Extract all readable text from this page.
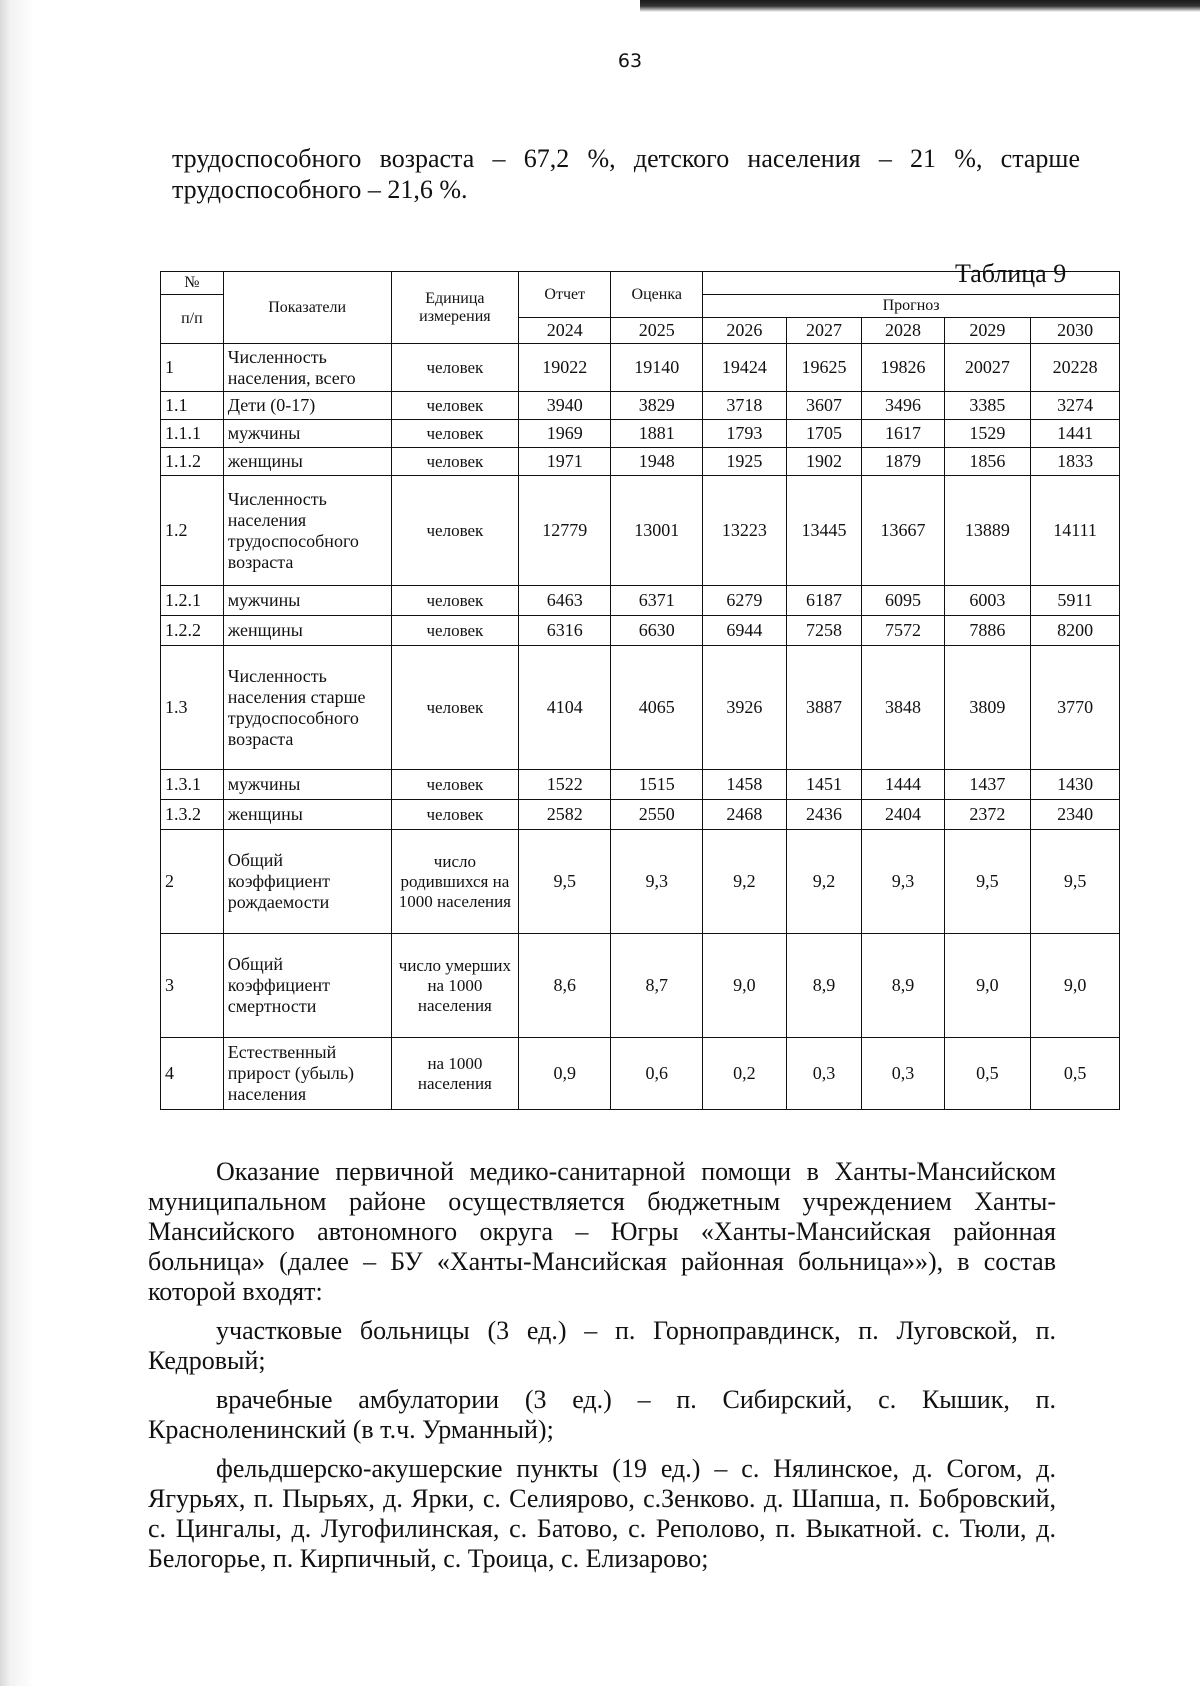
63
трудоспособного возраста – 67,2 %, детского населения – 21 %, старше трудоспособного – 21,6 %.
Таблица 9
№	Показатели	Единица измерения	Отчет	Оценка					
п/п					Прогноз				
			2024	2025	2026	2027	2028	2029	2030
1	Численность населения, всего	человек	19022	19140	19424	19625	19826	20027	20228
1.1	Дети (0-17)	человек	3940	3829	3718	3607	3496	3385	3274
1.1.1	мужчины	человек	1969	1881	1793	1705	1617	1529	1441
1.1.2	женщины	человек	1971	1948	1925	1902	1879	1856	1833
1.2	Численность населения трудоспособного возраста	человек	12779	13001	13223	13445	13667	13889	14111
1.2.1	мужчины	человек	6463	6371	6279	6187	6095	6003	5911
1.2.2	женщины	человек	6316	6630	6944	7258	7572	7886	8200
1.3	Численность населения старше трудоспособного возраста	человек	4104	4065	3926	3887	3848	3809	3770
1.3.1	мужчины	человек	1522	1515	1458	1451	1444	1437	1430
1.3.2	женщины	человек	2582	2550	2468	2436	2404	2372	2340
2	Общий коэффициент рождаемости	число родившихся на 1000 населения	9,5	9,3	9,2	9,2	9,3	9,5	9,5
3	Общий коэффициент смертности	число умерших на 1000 населения	8,6	8,7	9,0	8,9	8,9	9,0	9,0
4	Естественный прирост (убыль) населения	на 1000 населения	0,9	0,6	0,2	0,3	0,3	0,5	0,5

Оказание первичной медико-санитарной помощи в Ханты-Мансийском муниципальном районе осуществляется бюджетным учреждением Ханты-Мансийского автономного округа – Югры «Ханты-Мансийская районная больница» (далее – БУ «Ханты-Мансийская районная больница»»), в состав которой входят:

участковые больницы (3 ед.) – п. Горноправдинск, п. Луговской, п. Кедровый;

врачебные амбулатории (3 ед.) – п. Сибирский, с. Кышик, п. Красноленинский (в т.ч. Урманный);

фельдшерско-акушерские пункты (19 ед.) – с. Нялинское, д. Согом, д. Ягурьях, п. Пырьях, д. Ярки, с. Селиярово, с.Зенково. д. Шапша, п. Бобровский, с. Цингалы, д. Лугофилинская, с. Батово, с. Реполово, п. Выкатной. с. Тюли, д. Белогорье, п. Кирпичный, с. Троица, с. Елизарово;
